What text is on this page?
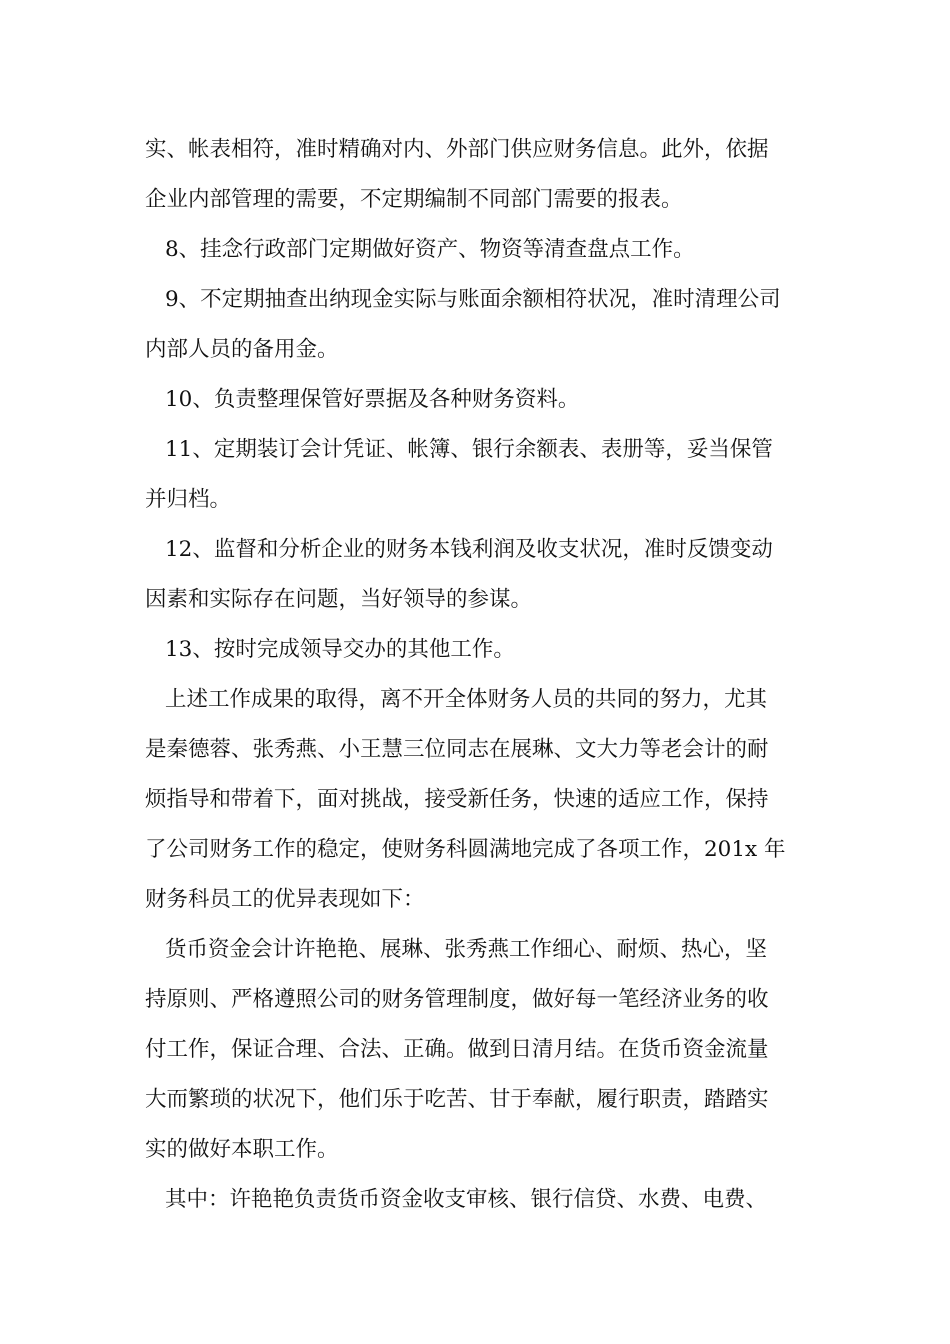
实、帐表相符，准时精确对内、外部门供应财务信息。此外，依据
企业内部管理的需要，不定期编制不同部门需要的报表。
8、挂念行政部门定期做好资产、物资等清查盘点工作。
9、不定期抽查出纳现金实际与账面余额相符状况，准时清理公司
内部人员的备用金。
10、负责整理保管好票据及各种财务资料。
11、定期装订会计凭证、帐簿、银行余额表、表册等，妥当保管
并归档。
12、监督和分析企业的财务本钱利润及收支状况，准时反馈变动
因素和实际存在问题，当好领导的参谋。
13、按时完成领导交办的其他工作。
上述工作成果的取得，离不开全体财务人员的共同的努力，尤其
是秦德蓉、张秀燕、小王慧三位同志在展琳、文大力等老会计的耐
烦指导和带着下，面对挑战，接受新任务，快速的适应工作，保持
了公司财务工作的稳定，使财务科圆满地完成了各项工作，201x 年
财务科员工的优异表现如下：
货币资金会计许艳艳、展琳、张秀燕工作细心、耐烦、热心，坚
持原则、严格遵照公司的财务管理制度，做好每一笔经济业务的收
付工作，保证合理、合法、正确。做到日清月结。在货币资金流量
大而繁琐的状况下，他们乐于吃苦、甘于奉献，履行职责，踏踏实
实的做好本职工作。
其中：许艳艳负责货币资金收支审核、银行信贷、水费、电费、
